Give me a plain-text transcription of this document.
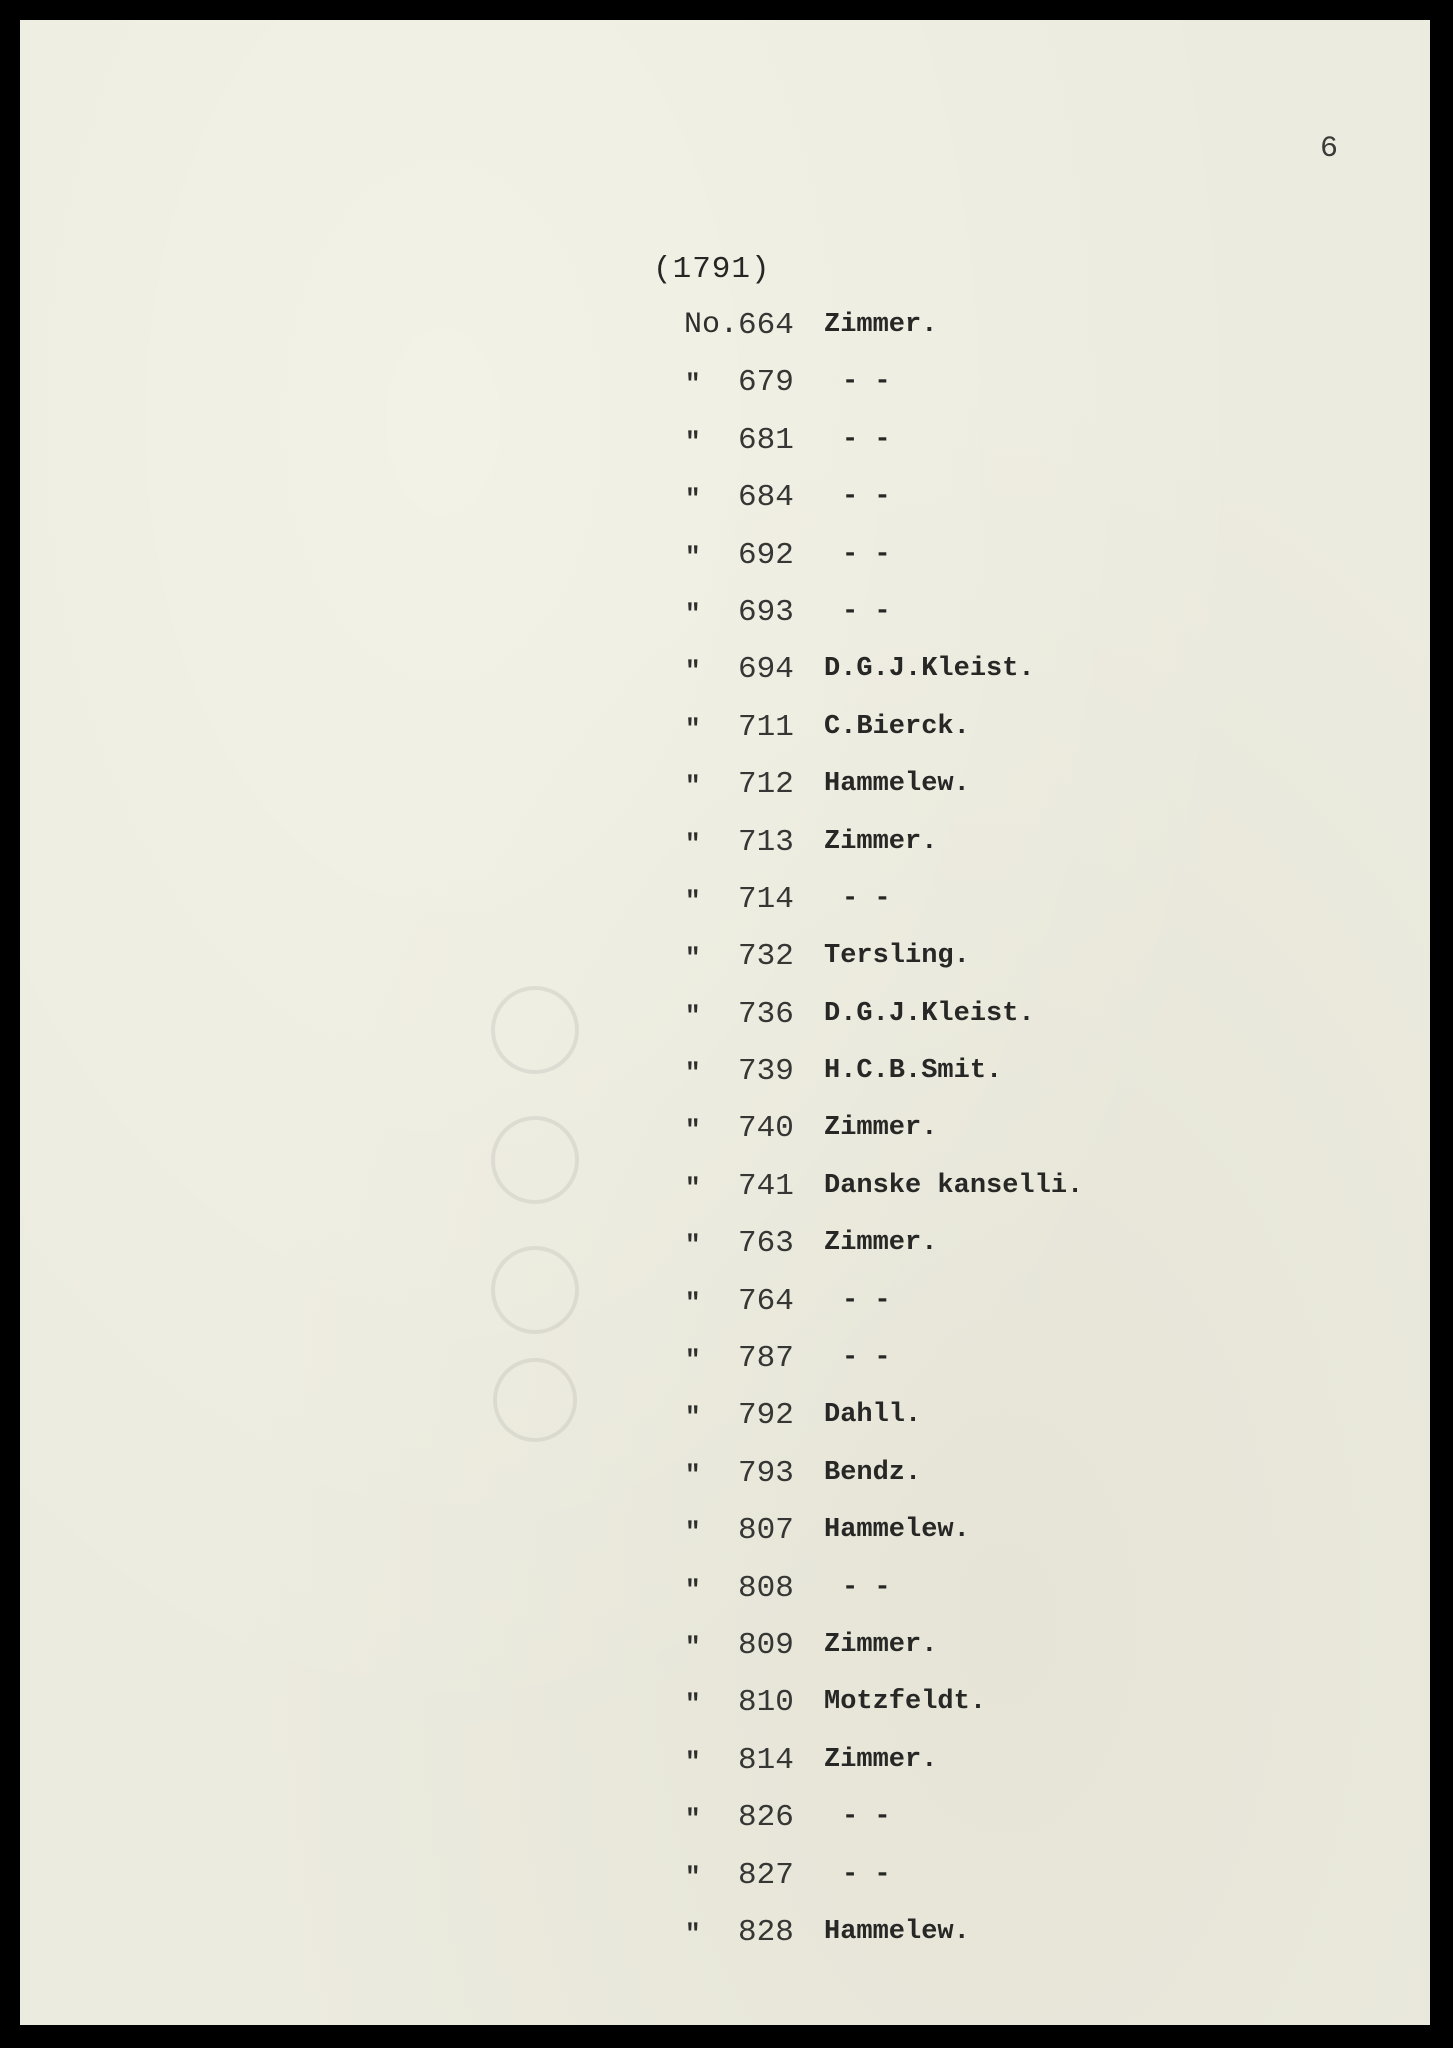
6
(1791)
No. 664 Zimmer.
" 679 - -
" 681 - -
" 684 - -
" 692 - -
" 693 - -
" 694 D.G.J.Kleist.
" 711 C.Bierck.
" 712 Hammelew.
" 713 Zimmer.
" 714 - -
" 732 Tersling.
" 736 D.G.J.Kleist.
" 739 H.C.B.Smit.
" 740 Zimmer.
" 741 Danske kanselli.
" 763 Zimmer.
" 764 - -
" 787 - -
" 792 Dahll.
" 793 Bendz.
" 807 Hammelew.
" 808 - -
" 809 Zimmer.
" 810 Motzfeldt.
" 814 Zimmer.
" 826 - -
" 827 - -
" 828 Hammelew.
